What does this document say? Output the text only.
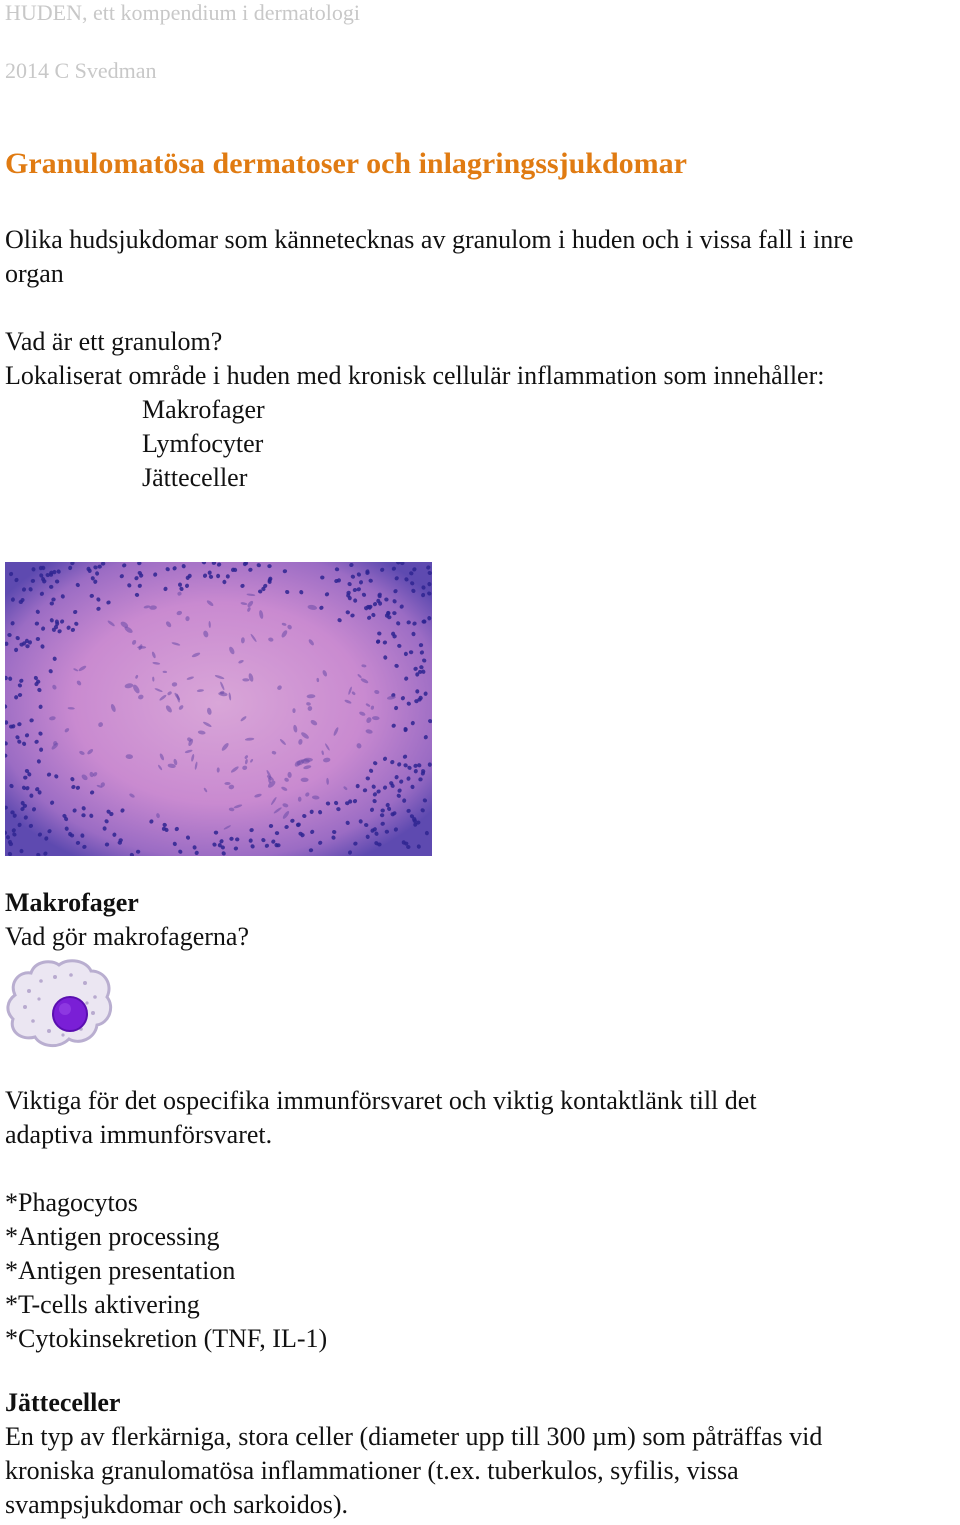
HUDEN, ett kompendium i dermatologi

2014 C Svedman

Granulomatösa dermatoser och inlagringssjukdomar

Olika hudsjukdomar som kännetecknas av granulom i huden och i vissa fall i inre

organ

Vad är ett granulom?

Lokaliserat område i huden med kronisk cellulär inflammation som innehåller:

Makrofager

Lymfocyter

Jätteceller

Makrofager

Vad gör makrofagerna?

Viktiga för det ospecifika immunförsvaret och viktig kontaktlänk till det

adaptiva immunförsvaret.

*Phagocytos

*Antigen processing

*Antigen presentation

*T-cells aktivering

*Cytokinsekretion (TNF, IL-1)

Jätteceller

En typ av flerkärniga, stora celler (diameter upp till 300 µm) som påträffas vid

kroniska granulomatösa inflammationer (t.ex. tuberkulos, syfilis, vissa

svampsjukdomar och sarkoidos).
